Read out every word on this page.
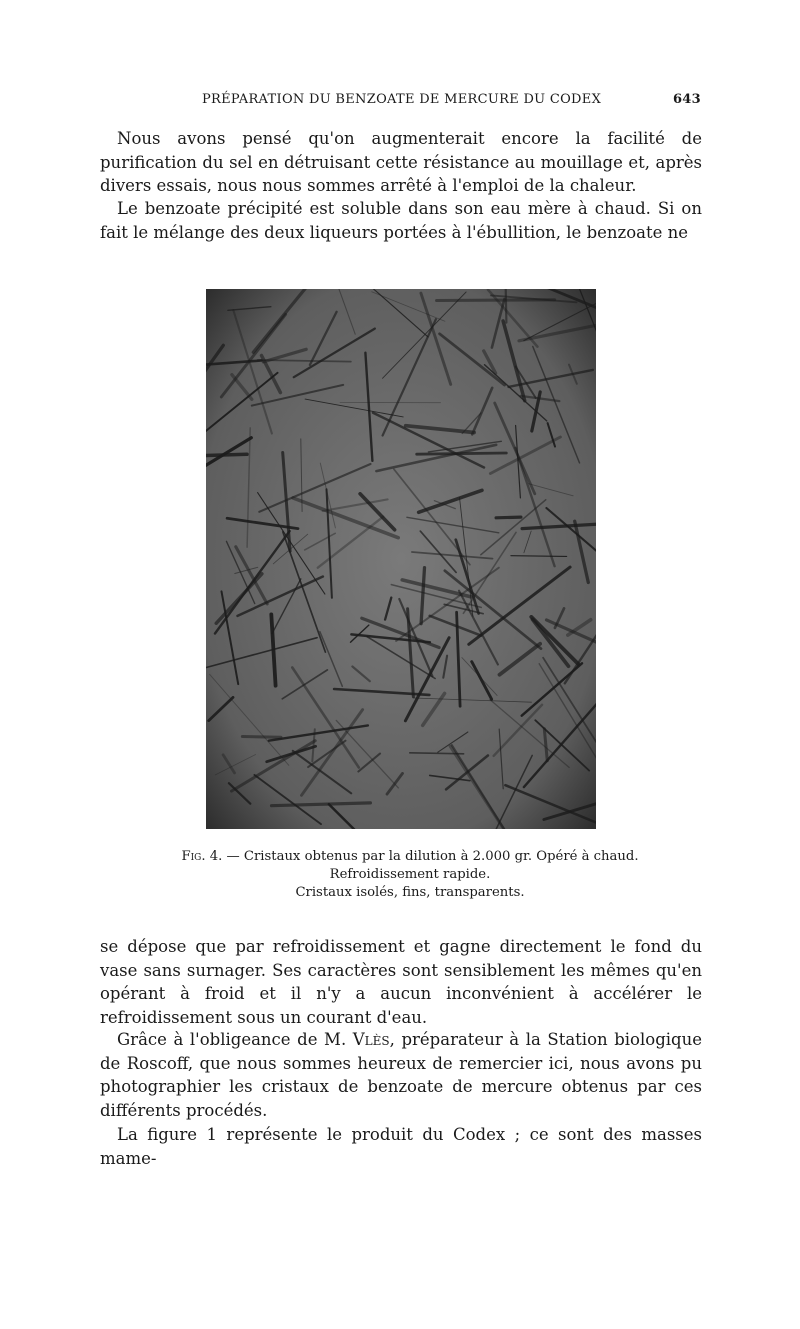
PRÉPARATION DU BENZOATE DE MERCURE DU CODEX	643

Nous avons pensé qu'on augmenterait encore la facilité de purification du sel en détruisant cette résistance au mouillage et, après divers essais, nous nous sommes arrêté à l'emploi de la chaleur.

Le benzoate précipité est soluble dans son eau mère à chaud. Si on fait le mélange des deux liqueurs portées à l'ébullition, le benzoate ne

Fig. 4. — Cristaux obtenus par la dilution à 2.000 gr. Opéré à chaud.
Refroidissement rapide.
Cristaux isolés, fins, transparents.

se dépose que par refroidissement et gagne directement le fond du vase sans surnager. Ses caractères sont sensiblement les mêmes qu'en opérant à froid et il n'y a aucun inconvénient à accélérer le refroidissement sous un courant d'eau.

Grâce à l'obligeance de M. Vlès, préparateur à la Station biologique de Roscoff, que nous sommes heureux de remercier ici, nous avons pu photographier les cristaux de benzoate de mercure obtenus par ces différents procédés.

La figure 1 représente le produit du Codex ; ce sont des masses mame-
